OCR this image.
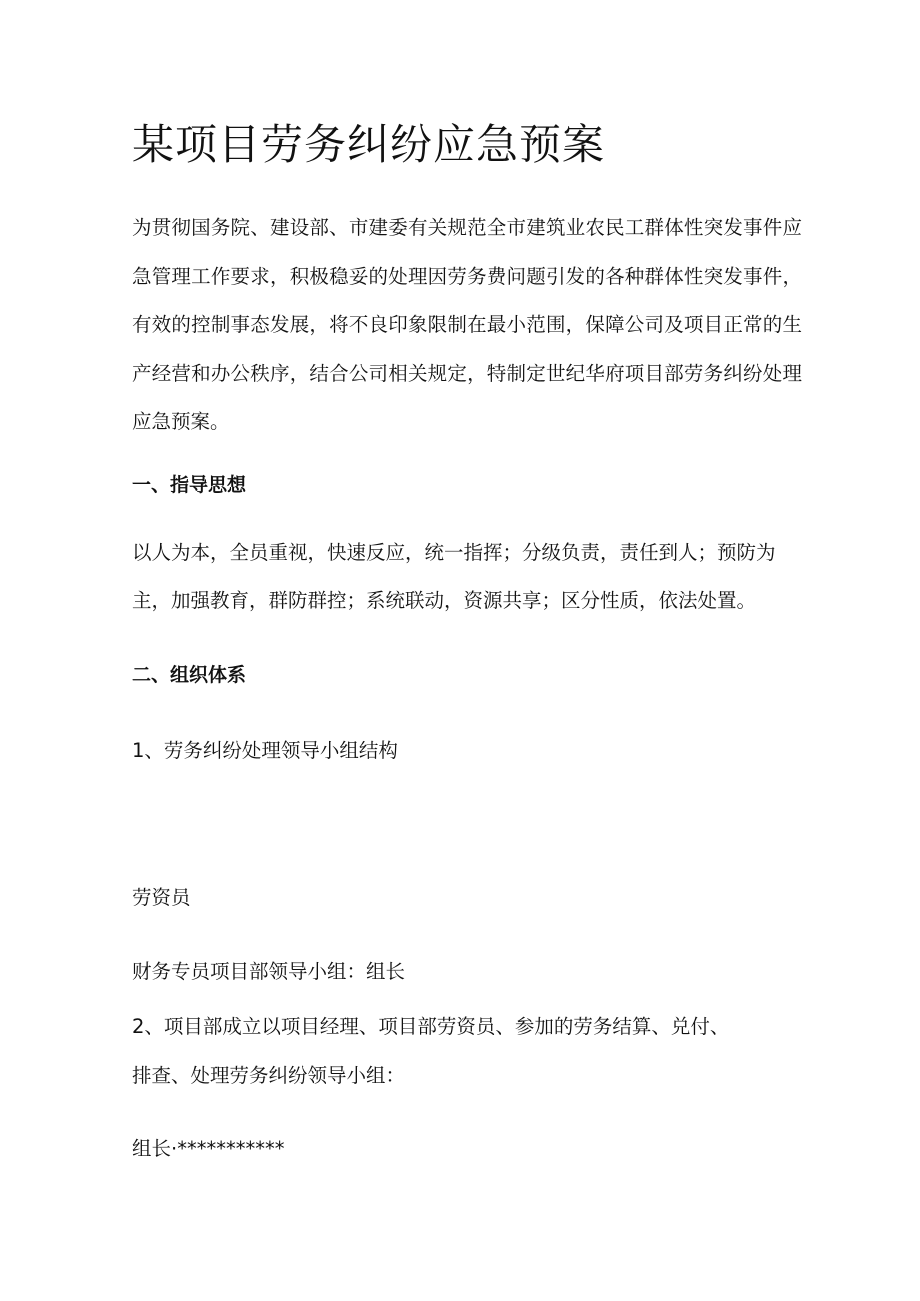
某项目劳务纠纷应急预案

为贯彻国务院、建设部、市建委有关规范全市建筑业农民工群体性突发事件应急管理工作要求，积极稳妥的处理因劳务费问题引发的各种群体性突发事件，有效的控制事态发展，将不良印象限制在最小范围，保障公司及项目正常的生产经营和办公秩序，结合公司相关规定，特制定世纪华府项目部劳务纠纷处理应急预案。

一、指导思想

以人为本，全员重视，快速反应，统一指挥；分级负责，责任到人；预防为主，加强教育，群防群控；系统联动，资源共享；区分性质，依法处置。

二、组织体系

1、劳务纠纷处理领导小组结构

劳资员

财务专员项目部领导小组：组长

2、项目部成立以项目经理、项目部劳资员、参加的劳务结算、兑付、

排查、处理劳务纠纷领导小组：

组长·***********
